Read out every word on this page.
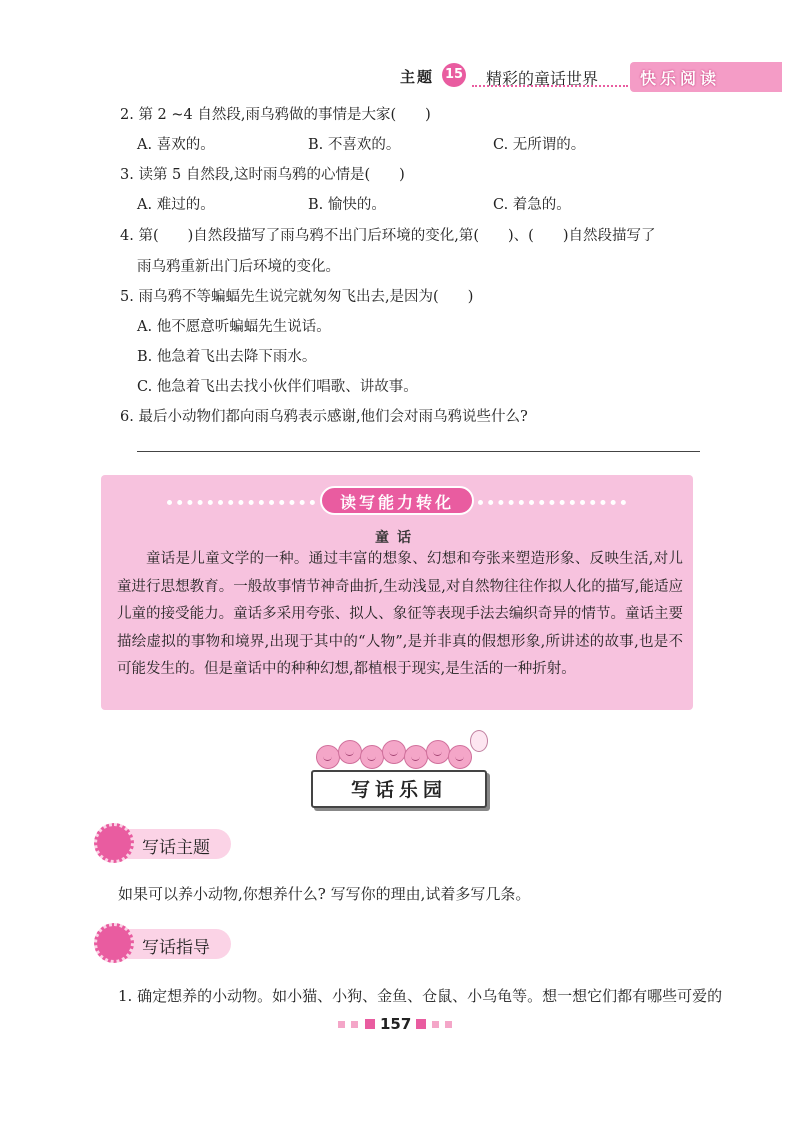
主题 15 精彩的童话世界	快乐阅读
2. 第 2 ~4 自然段,雨乌鸦做的事情是大家(　　)
A. 喜欢的。	B. 不喜欢的。	C. 无所谓的。
3. 读第 5 自然段,这时雨乌鸦的心情是(　　)
A. 难过的。	B. 愉快的。	C. 着急的。
4. 第(　　)自然段描写了雨乌鸦不出门后环境的变化,第(　　)、(　　)自然段描写了
雨乌鸦重新出门后环境的变化。
5. 雨乌鸦不等蝙蝠先生说完就匆匆飞出去,是因为(　　)
A. 他不愿意听蝙蝠先生说话。
B. 他急着飞出去降下雨水。
C. 他急着飞出去找小伙伴们唱歌、讲故事。
6. 最后小动物们都向雨乌鸦表示感谢,他们会对雨乌鸦说些什么?
读写能力转化
童话
童话是儿童文学的一种。通过丰富的想象、幻想和夸张来塑造形象、反映生活,对儿童进行思想教育。一般故事情节神奇曲折,生动浅显,对自然物往往作拟人化的描写,能适应儿童的接受能力。童话多采用夸张、拟人、象征等表现手法去编织奇异的情节。童话主要描绘虚拟的事物和境界,出现于其中的“人物”,是并非真的假想形象,所讲述的故事,也是不可能发生的。但是童话中的种种幻想,都植根于现实,是生活的一种折射。
写话乐园
写话主题
如果可以养小动物,你想养什么? 写写你的理由,试着多写几条。
写话指导
1. 确定想养的小动物。如小猫、小狗、金鱼、仓鼠、小乌龟等。想一想它们都有哪些可爱的
157
